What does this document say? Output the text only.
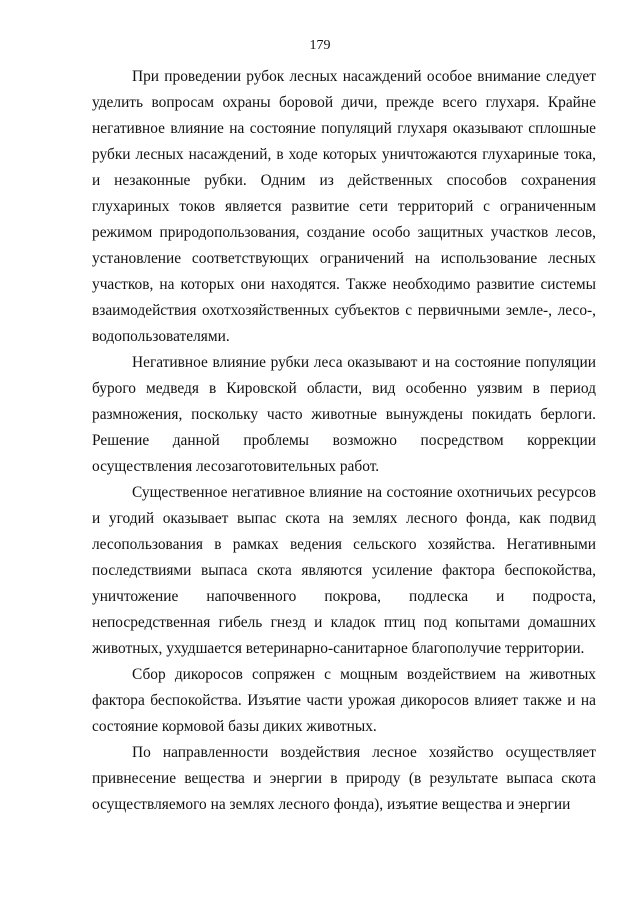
179

При проведении рубок лесных насаждений особое внимание следует уделить вопросам охраны боровой дичи, прежде всего глухаря. Крайне негативное влияние на состояние популяций глухаря оказывают сплошные рубки лесных насаждений, в ходе которых уничтожаются глухариные тока, и незаконные рубки. Одним из действенных способов сохранения глухариных токов является развитие сети территорий с ограниченным режимом природопользования, создание особо защитных участков лесов, установление соответствующих ограничений на использование лесных участков, на которых они находятся. Также необходимо развитие системы взаимодействия охотхозяйственных субъектов с первичными земле-, лесо-, водопользователями.

Негативное влияние рубки леса оказывают и на состояние популяции бурого медведя в Кировской области, вид особенно уязвим в период размножения, поскольку часто животные вынуждены покидать берлоги. Решение данной проблемы возможно посредством коррекции осуществления лесозаготовительных работ.

Существенное негативное влияние на состояние охотничьих ресурсов и угодий оказывает выпас скота на землях лесного фонда, как подвид лесопользования в рамках ведения сельского хозяйства. Негативными последствиями выпаса скота являются усиление фактора беспокойства, уничтожение напочвенного покрова, подлеска и подроста, непосредственная гибель гнезд и кладок птиц под копытами домашних животных, ухудшается ветеринарно-санитарное благополучие территории.

Сбор дикоросов сопряжен с мощным воздействием на животных фактора беспокойства. Изъятие части урожая дикоросов влияет также и на состояние кормовой базы диких животных.

По направленности воздействия лесное хозяйство осуществляет привнесение вещества и энергии в природу (в результате выпаса скота осуществляемого на землях лесного фонда), изъятие вещества и энергии
